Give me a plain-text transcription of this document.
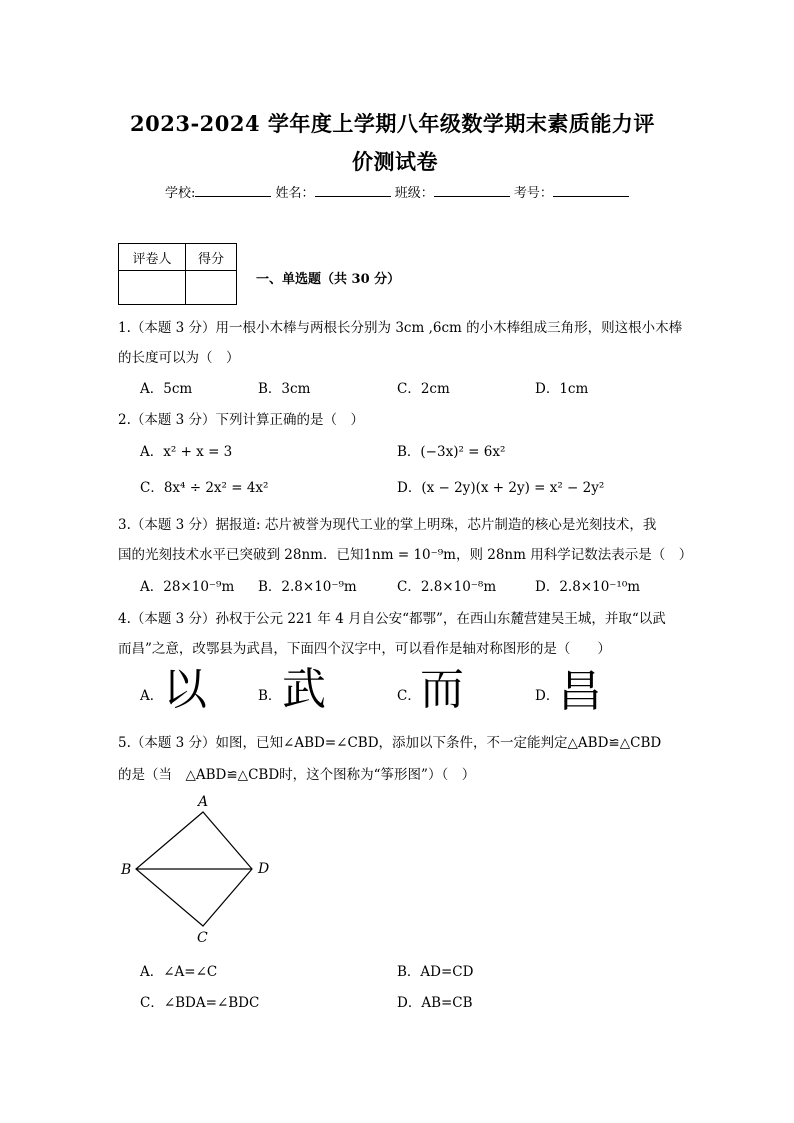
2023-2024 学年度上学期八年级数学期末素质能力评
价测试卷
学校:	姓名：	班级：	考号：
评卷人	得分

一、单选题（共 30 分）
1.（本题 3 分）用一根小木棒与两根长分别为 3cm ,6cm 的小木棒组成三角形，则这根小木棒
的长度可以为（　）
A．5cm	B．3cm	C．2cm	D．1cm
2.（本题 3 分）下列计算正确的是（　）
A．x² + x = 3	B．(−3x)² = 6x²
C．8x⁴ ÷ 2x² = 4x²	D．(x − 2y)(x + 2y) = x² − 2y²
3.（本题 3 分）据报道: 芯片被誉为现代工业的掌上明珠，芯片制造的核心是光刻技术，我
国的光刻技术水平已突破到 28nm．已知1nm = 10⁻⁹m，则 28nm 用科学记数法表示是（　）
A．28×10⁻⁹m B．2.8×10⁻⁹m	C．2.8×10⁻⁸m	D．2.8×10⁻¹⁰m
4.（本题 3 分）孙权于公元 221 年 4 月自公安“都鄂”，在西山东麓营建吴王城，并取“以武
而昌”之意，改鄂县为武昌，下面四个汉字中，可以看作是轴对称图形的是（　　）
A． 以	B． 武	C． 而	D．
昌
5.（本题 3 分）如图，已知∠ABD=∠CBD，添加以下条件，不一定能判定△ABD≌△CBD
的是（当　△ABD≌△CBD时，这个图称为“筝形图”）（　）
A
B
C
D
A．∠A=∠C	B．AD=CD
C．∠BDA=∠BDC	D．AB=CB
